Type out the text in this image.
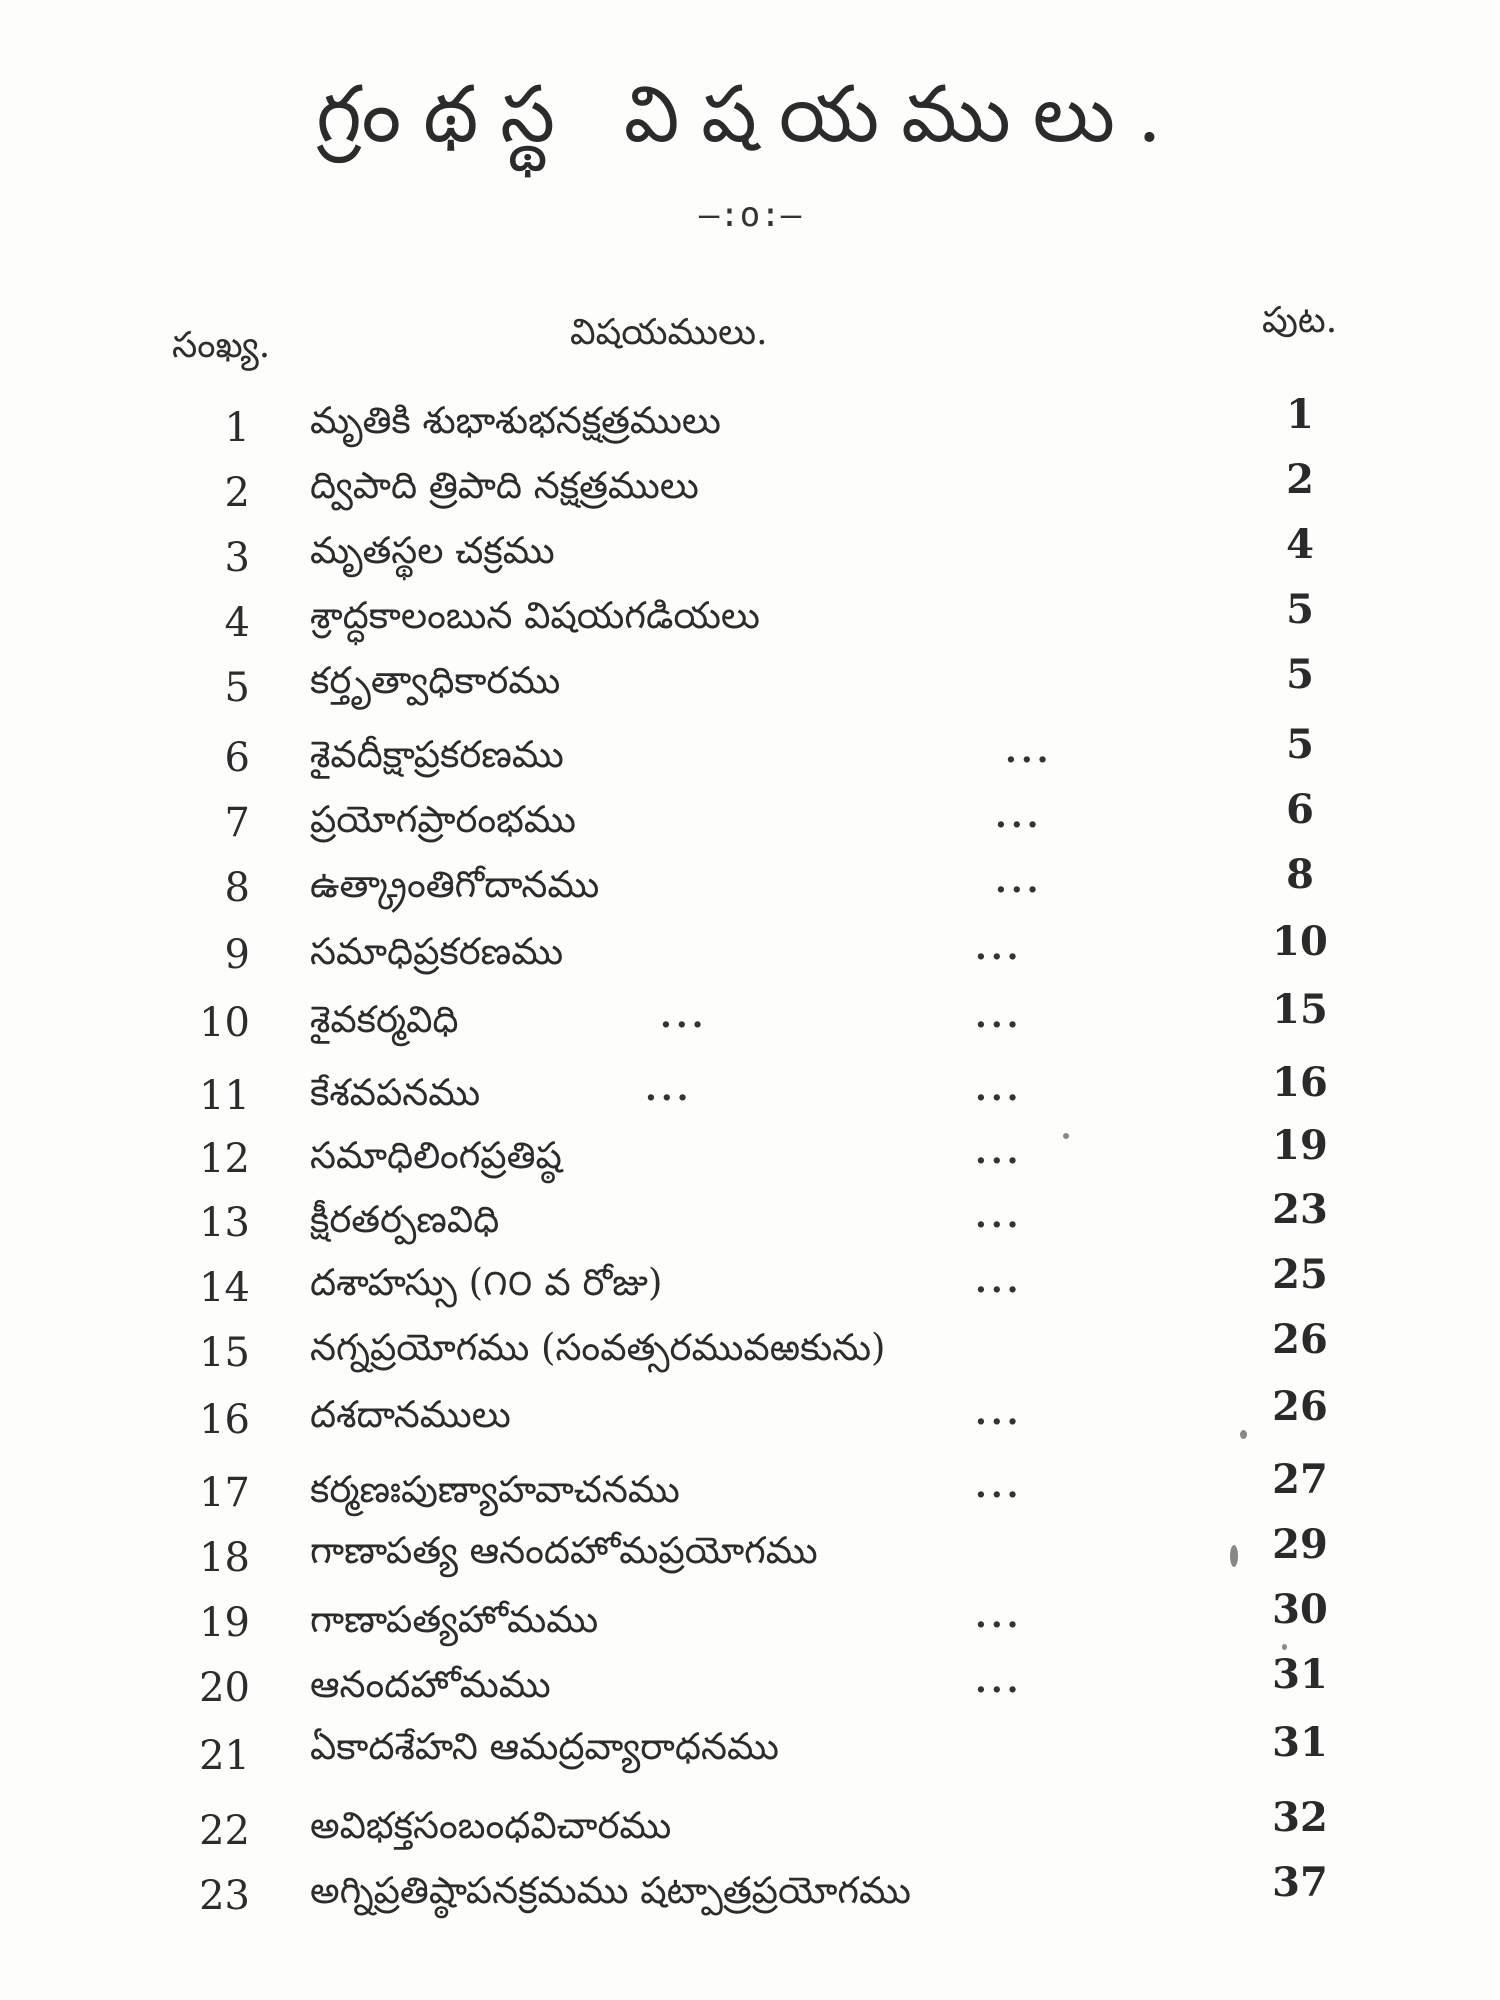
గ్రంథస్థ విషయములు.
—:o:—
సంఖ్య.	విషయములు.	పుట.
1 మృతికి శుభాశుభనక్షత్రములు	1
2 ద్విపాది త్రిపాది నక్షత్రములు	2
3 మృతస్థల చక్రము	4
4 శ్రాద్ధకాలంబున విషయగడియలు	5
5 కర్తృత్వాధికారము	5
6 శైవదీక్షాప్రకరణము	...	5
7 ప్రయోగప్రారంభము	...	6
8 ఉత్క్రాంతిగోదానము	...	8
9 సమాధిప్రకరణము	...	10
10 శైవకర్మవిధి	...	...	15
11 కేశవపనము	...	...	16
12 సమాధిలింగప్రతిష్ఠ	...	19
13 క్షీరతర్పణవిధి	...	23
14 దశాహస్సు (౧౦ వ రోజు)	...	25
15 నగ్నప్రయోగము (సంవత్సరమువఱకును)	26
16 దశదానములు	...	26
17 కర్మణఃపుణ్యాహవాచనము	...	27
18 గాణాపత్య ఆనందహోమప్రయోగము	29
19 గాణాపత్యహోమము	...	30
20 ఆనందహోమము	...	31
21 ఏకాదశేహని ఆమద్రవ్యారాధనము	31
22 అవిభక్తసంబంధవిచారము	32
23 అగ్నిప్రతిష్ఠాపనక్రమము షట్పాత్రప్రయోగము	37
